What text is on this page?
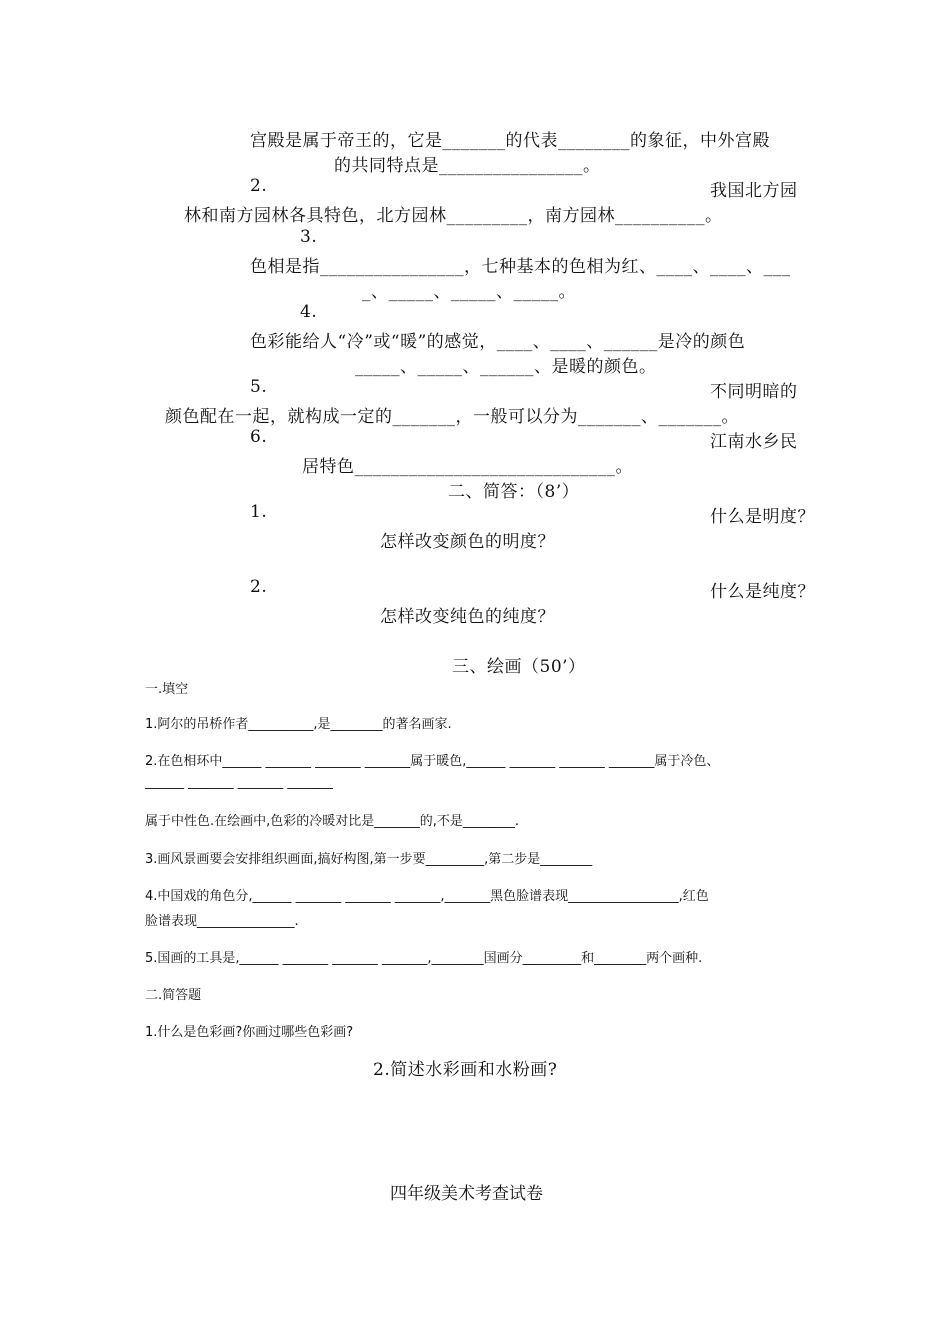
宫殿是属于帝王的，它是_______的代表________的象征，中外宫殿
的共同特点是________________。
2.	我国北方园
林和南方园林各具特色，北方园林_________，南方园林__________。
3.
色相是指________________，七种基本的色相为红、____、____、___
_、_____、_____、_____。
4.
色彩能给人“冷”或“暖”的感觉，____、____、______是冷的颜色
_____、_____、______、是暖的颜色。
5.	不同明暗的
颜色配在一起，就构成一定的_______，一般可以分为_______、_______。
6.	江南水乡民
居特色_____________________________。
二、简答：（8’）
1.	什么是明度？
怎样改变颜色的明度？
2.	什么是纯度？
怎样改变纯色的纯度？
三、绘画（50’）
一.填空
1.阿尔的吊桥作者__________,是________的著名画家.
2.在色相环中______ _______ _______ _______属于暖色,______ _______ _______ _______属于冷色、
______ _______ _______ _______
属于中性色.在绘画中,色彩的冷暖对比是_______的,不是________.
3.画风景画要会安排组织画面,搞好构图,第一步要_________,第二步是________
4.中国戏的角色分,______ _______ _______ _______,_______黑色脸谱表现_________________,红色
脸谱表现_______________.
5.国画的工具是,______ _______ _______ _______,________国画分_________和________两个画种.
二.简答题
1.什么是色彩画?你画过哪些色彩画?
2.简述水彩画和水粉画?
四年级美术考查试卷
